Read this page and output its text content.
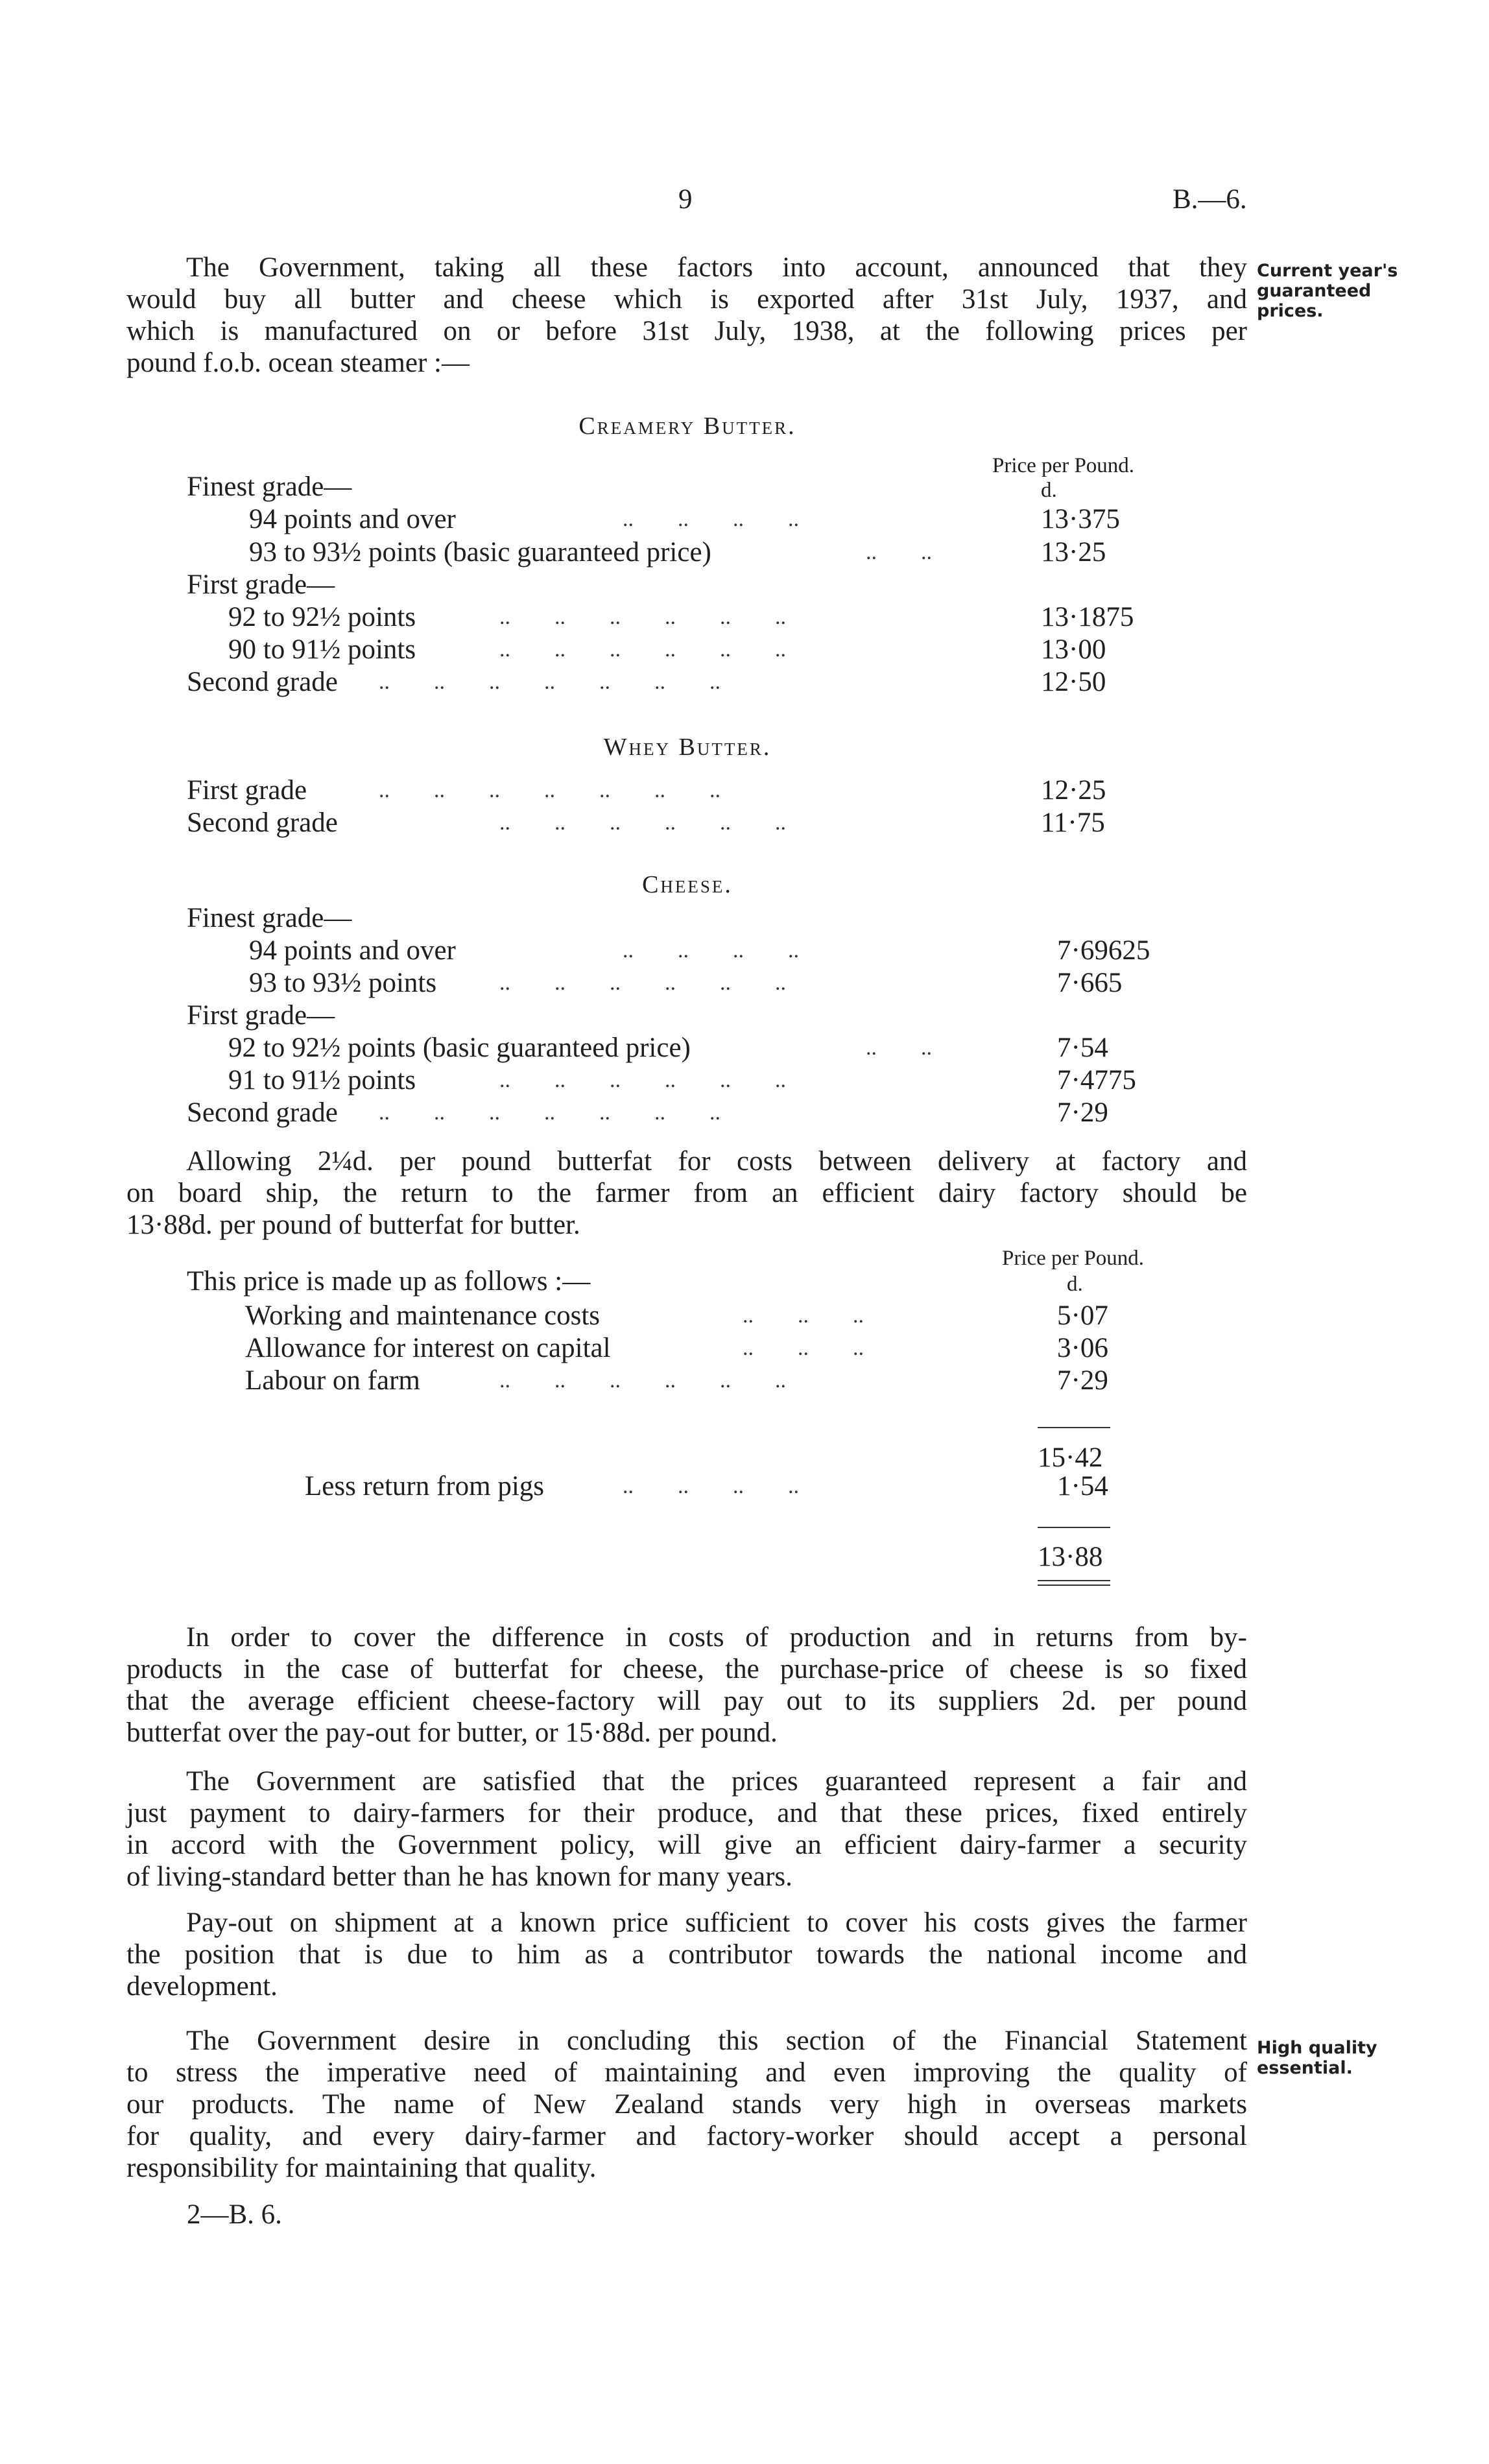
9	B.—6.
Current year's guaranteed prices.
High quality essential.
The Government, taking all these factors into account, announced that they
would buy all butter and cheese which is exported after 31st July, 1937, and
which is manufactured on or before 31st July, 1938, at the following prices per
pound f.o.b. ocean steamer :—
Creamery Butter.
Price per Pound.
d.
Finest grade—
94 points and over	..        ..        ..        ..	13·375
93 to 93½ points (basic guaranteed price)	..        ..	13·25
First grade—
92 to 92½ points	..        ..        ..        ..        ..        ..	13·1875
90 to 91½ points	..        ..        ..        ..        ..        ..	13·00
Second grade ..        ..        ..        ..        ..        ..        ..	12·50
Whey Butter.
First grade	..        ..        ..        ..        ..        ..        ..	12·25
Second grade	..        ..        ..        ..        ..        ..	11·75
Cheese.
Finest grade—
94 points and over	..        ..        ..        ..	7·69625
93 to 93½ points	..        ..        ..        ..        ..        ..	7·665
First grade—
92 to 92½ points (basic guaranteed price)	..        ..	7·54
91 to 91½ points	..        ..        ..        ..        ..        ..	7·4775
Second grade ..        ..        ..        ..        ..        ..        ..	7·29
Allowing 2¼d. per pound butterfat for costs between delivery at factory and
on board ship, the return to the farmer from an efficient dairy factory should be
13·88d. per pound of butterfat for butter.
Price per Pound.
d.
This price is made up as follows :—
Working and maintenance costs	..        ..        ..	5·07
Allowance for interest on capital	..        ..        ..	3·06
Labour on farm	..        ..        ..        ..        ..        ..	7·29
15·42
Less return from pigs	..        ..        ..        ..	1·54
13·88
In order to cover the difference in costs of production and in returns from by-
products in the case of butterfat for cheese, the purchase-price of cheese is so fixed
that the average efficient cheese-factory will pay out to its suppliers 2d. per pound
butterfat over the pay-out for butter, or 15·88d. per pound.
The Government are satisfied that the prices guaranteed represent a fair and
just payment to dairy-farmers for their produce, and that these prices, fixed entirely
in accord with the Government policy, will give an efficient dairy-farmer a security
of living-standard better than he has known for many years.
Pay-out on shipment at a known price sufficient to cover his costs gives the farmer
the position that is due to him as a contributor towards the national income and
development.
The Government desire in concluding this section of the Financial Statement
to stress the imperative need of maintaining and even improving the quality of
our products. The name of New Zealand stands very high in overseas markets
for quality, and every dairy-farmer and factory-worker should accept a personal
responsibility for maintaining that quality.
2—B. 6.
